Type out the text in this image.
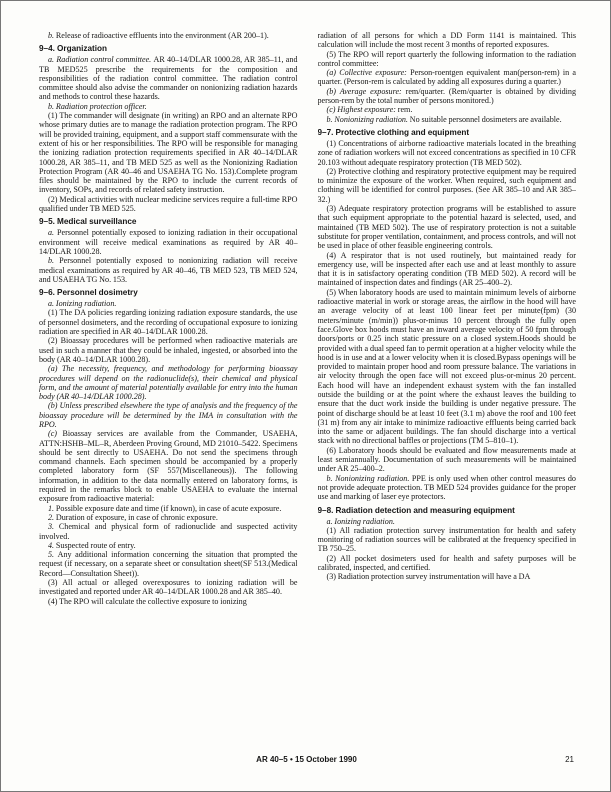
b. Release of radioactive effluents into the environment (AR 200–1).

9–4. Organization

a. Radiation control committee. AR 40–14/DLAR 1000.28, AR 385–11, and TB MED525 prescribe the requirements for the composition and responsibilities of the radiation control committee. The radiation control committee should also advise the commander on nonionizing radiation hazards and methods to control these hazards.

b. Radiation protection officer.

(1) The commander will designate (in writing) an RPO and an alternate RPO whose primary duties are to manage the radiation protection program. The RPO will be provided training, equipment, and a support staff commensurate with the extent of his or her responsibilities. The RPO will be responsible for managing the ionizing radiation protection requirements specified in AR 40–14/DLAR 1000.28, AR 385–11, and TB MED 525 as well as the Nonionizing Radiation Protection Program (AR 40–46 and USAEHA TG No. 153).Complete program files should be maintained by the RPO to include the current records of inventory, SOPs, and records of related safety instruction.

(2) Medical activities with nuclear medicine services require a full-time RPO qualified under TB MED 525.

9–5. Medical surveillance

a. Personnel potentially exposed to ionizing radiation in their occupational environment will receive medical examinations as required by AR 40–14/DLAR 1000.28.

b. Personnel potentially exposed to nonionizing radiation will receive medical examinations as required by AR 40–46, TB MED 523, TB MED 524, and USAEHA TG No. 153.

9–6. Personnel dosimetry

a. Ionizing radiation.

(1) The DA policies regarding ionizing radiation exposure standards, the use of personnel dosimeters, and the recording of occupational exposure to ionizing radiation are specified in AR 40–14/DLAR 1000.28.

(2) Bioassay procedures will be performed when radioactive materials are used in such a manner that they could be inhaled, ingested, or absorbed into the body (AR 40–14/DLAR 1000.28).

(a) The necessity, frequency, and methodology for performing bioassay procedures will depend on the radionuclide(s), their chemical and physical form, and the amount of material potentially available for entry into the human body (AR 40–14/DLAR 1000.28).

(b) Unless prescribed elsewhere the type of analysis and the frequency of the bioassay procedure will be determined by the IMA in consultation with the RPO.

(c) Bioassay services are available from the Commander, USAEHA, ATTN:HSHB–ML–R, Aberdeen Proving Ground, MD 21010–5422. Specimens should be sent directly to USAEHA. Do not send the specimens through command channels. Each specimen should be accompanied by a properly completed laboratory form (SF 557(Miscellaneous)). The following information, in addition to the data normally entered on laboratory forms, is required in the remarks block to enable USAEHA to evaluate the internal exposure from radioactive material:

1. Possible exposure date and time (if known), in case of acute exposure.

2. Duration of exposure, in case of chronic exposure.

3. Chemical and physical form of radionuclide and suspected activity involved.

4. Suspected route of entry.

5. Any additional information concerning the situation that prompted the request (if necessary, on a separate sheet or consultation sheet(SF 513.(Medical Record—Consultation Sheet)).

(3) All actual or alleged overexposures to ionizing radiation will be investigated and reported under AR 40–14/DLAR 1000.28 and AR 385–40.

(4) The RPO will calculate the collective exposure to ionizing

radiation of all persons for which a DD Form 1141 is maintained. This calculation will include the most recent 3 months of reported exposures.

(5) The RPO will report quarterly the following information to the radiation control committee:

(a) Collective exposure: Person-roentgen equivalent man(person-rem) in a quarter. (Person-rem is calculated by adding all exposures during a quarter.)

(b) Average exposure: rem/quarter. (Rem/quarter is obtained by dividing person-rem by the total number of persons monitored.)

(c) Highest exposure: rem.

b. Nonionizing radiation. No suitable personnel dosimeters are available.

9–7. Protective clothing and equipment

(1) Concentrations of airborne radioactive materials located in the breathing zone of radiation workers will not exceed concentrations as specified in 10 CFR 20.103 without adequate respiratory protection (TB MED 502).

(2) Protective clothing and respiratory protective equipment may be required to minimize the exposure of the worker. When required, such equipment and clothing will be identified for control purposes. (See AR 385–10 and AR 385–32.)

(3) Adequate respiratory protection programs will be established to assure that such equipment appropriate to the potential hazard is selected, used, and maintained (TB MED 502). The use of respiratory protection is not a suitable substitute for proper ventilation, containment, and process controls, and will not be used in place of other feasible engineering controls.

(4) A respirator that is not used routinely, but maintained ready for emergency use, will be inspected after each use and at least monthly to assure that it is in satisfactory operating condition (TB MED 502). A record will be maintained of inspection dates and findings (AR 25–400–2).

(5) When laboratory hoods are used to maintain minimum levels of airborne radioactive material in work or storage areas, the airflow in the hood will have an average velocity of at least 100 linear feet per minute(fpm) (30 meters/minute (m/min)) plus-or-minus 10 percent through the fully open face.Glove box hoods must have an inward average velocity of 50 fpm through doors/ports or 0.25 inch static pressure on a closed system.Hoods should be provided with a dual speed fan to permit operation at a higher velocity while the hood is in use and at a lower velocity when it is closed.Bypass openings will be provided to maintain proper hood and room pressure balance. The variations in air velocity through the open face will not exceed plus-or-minus 20 percent. Each hood will have an independent exhaust system with the fan installed outside the building or at the point where the exhaust leaves the building to ensure that the duct work inside the building is under negative pressure. The point of discharge should be at least 10 feet (3.1 m) above the roof and 100 feet (31 m) from any air intake to minimize radioactive effluents being carried back into the same or adjacent buildings. The fan should discharge into a vertical stack with no directional baffles or projections (TM 5–810–1).

(6) Laboratory hoods should be evaluated and flow measurements made at least semiannually. Documentation of such measurements will be maintained under AR 25–400–2.

b. Nonionizing radiation. PPE is only used when other control measures do not provide adequate protection. TB MED 524 provides guidance for the proper use and marking of laser eye protectors.

9–8. Radiation detection and measuring equipment

a. Ionizing radiation.

(1) All radiation protection survey instrumentation for health and safety monitoring of radiation sources will be calibrated at the frequency specified in TB 750–25.

(2) All pocket dosimeters used for health and safety purposes will be calibrated, inspected, and certified.

(3) Radiation protection survey instrumentation will have a DA

AR 40–5 • 15 October 1990	21
